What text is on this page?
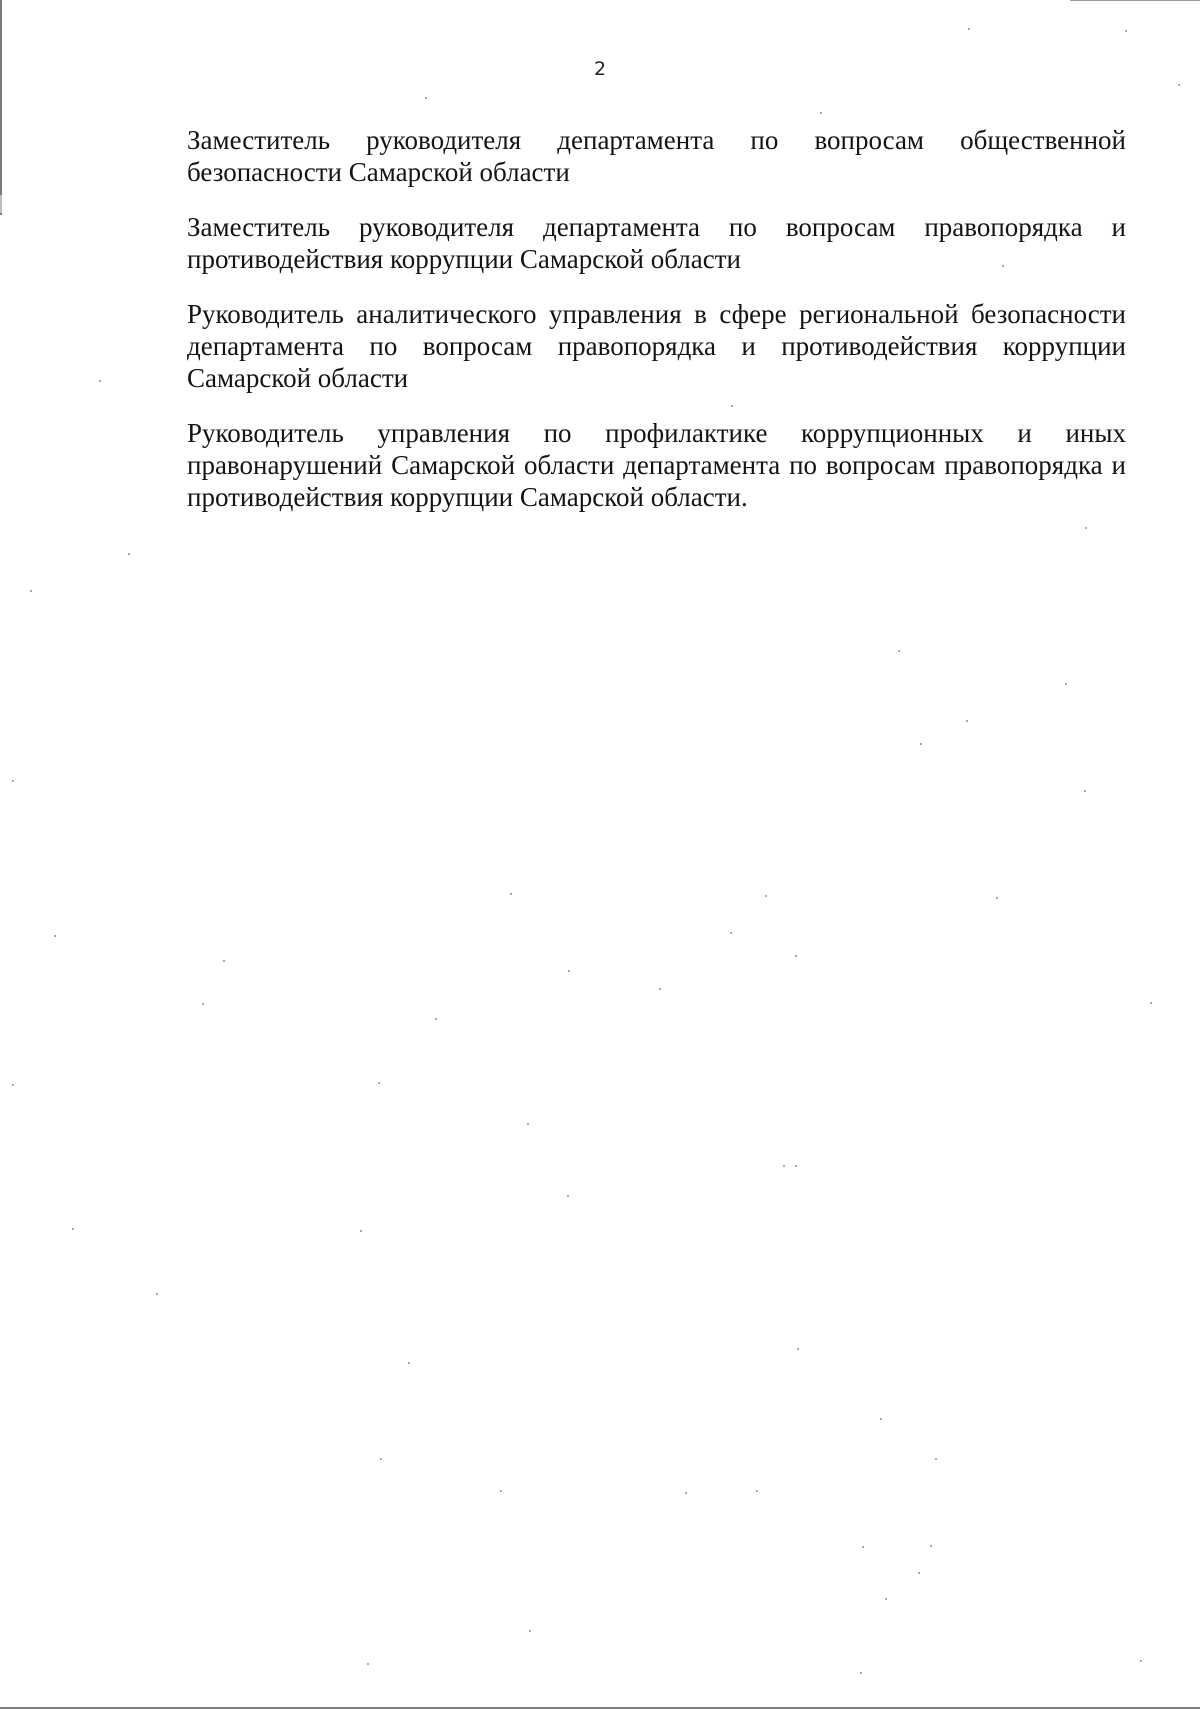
2

Заместитель руководителя департамента по вопросам общественной безопасности Самарской области

Заместитель руководителя департамента по вопросам правопорядка и противодействия коррупции Самарской области

Руководитель аналитического управления в сфере региональной безопасности департамента по вопросам правопорядка и противодействия коррупции Самарской области

Руководитель управления по профилактике коррупционных и иных правонарушений Самарской области департамента по вопросам правопорядка и противодействия коррупции Самарской области.
